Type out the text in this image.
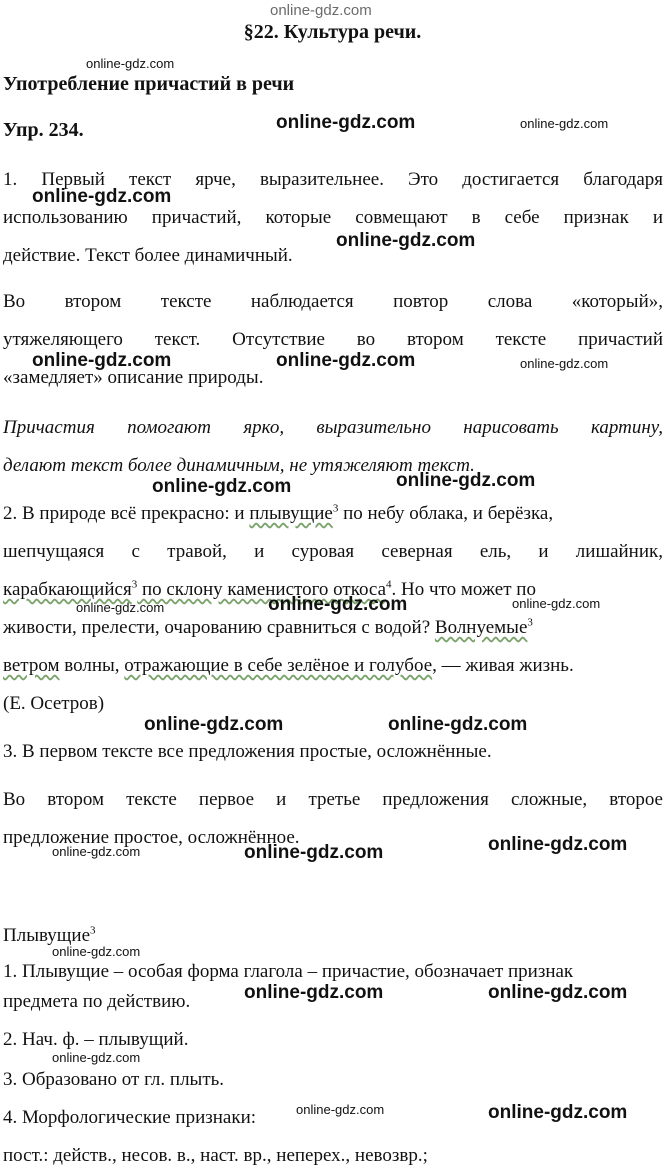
online-gdz.com
§22. Культура речи.
online-gdz.com
Употребление причастий в речи
Упр. 234.	online-gdz.com	online-gdz.com
1. Первый текст ярче, выразительнее. Это достигается благодаря
online-gdz.com
использованию причастий, которые совмещают в себе признак и
online-gdz.com
действие. Текст более динамичный.
Во втором тексте наблюдается повтор слова «который»,
утяжеляющего текст. Отсутствие во втором тексте причастий
online-gdz.com	online-gdz.com	online-gdz.com
«замедляет» описание природы.
Причастия помогают ярко, выразительно нарисовать картину,
делают текст более динамичным, не утяжеляют текст.
online-gdz.com
online-gdz.com
2. В природе всё прекрасно: и плывущие$^3$ по небу облака, и берёзка,
шепчущаяся с травой, и суровая северная ель, и лишайник,
карабкающийся$^3$ по склону каменистого откоса$^4$. Но что может по
online-gdz.com	online-gdz.com	online-gdz.com
живости, прелести, очарованию сравниться с водой? Волнуемые$^3$
ветром волны, отражающие в себе зелёное и голубое, — живая жизнь.
(Е. Осетров)
online-gdz.com	online-gdz.com
3. В первом тексте все предложения простые, осложнённые.
Во втором тексте первое и третье предложения сложные, второе
предложение простое, осложнённое.
online-gdz.com	online-gdz.com	online-gdz.com
Плывущие$^3$
online-gdz.com
1. Плывущие – особая форма глагола – причастие, обозначает признак
online-gdz.com	online-gdz.com
предмета по действию.
2. Нач. ф. – плывущий.
online-gdz.com
3. Образовано от гл. плыть.
4. Морфологические признаки:	online-gdz.com	online-gdz.com
пост.: действ., несов. в., наст. вр., неперех., невозвр.;
